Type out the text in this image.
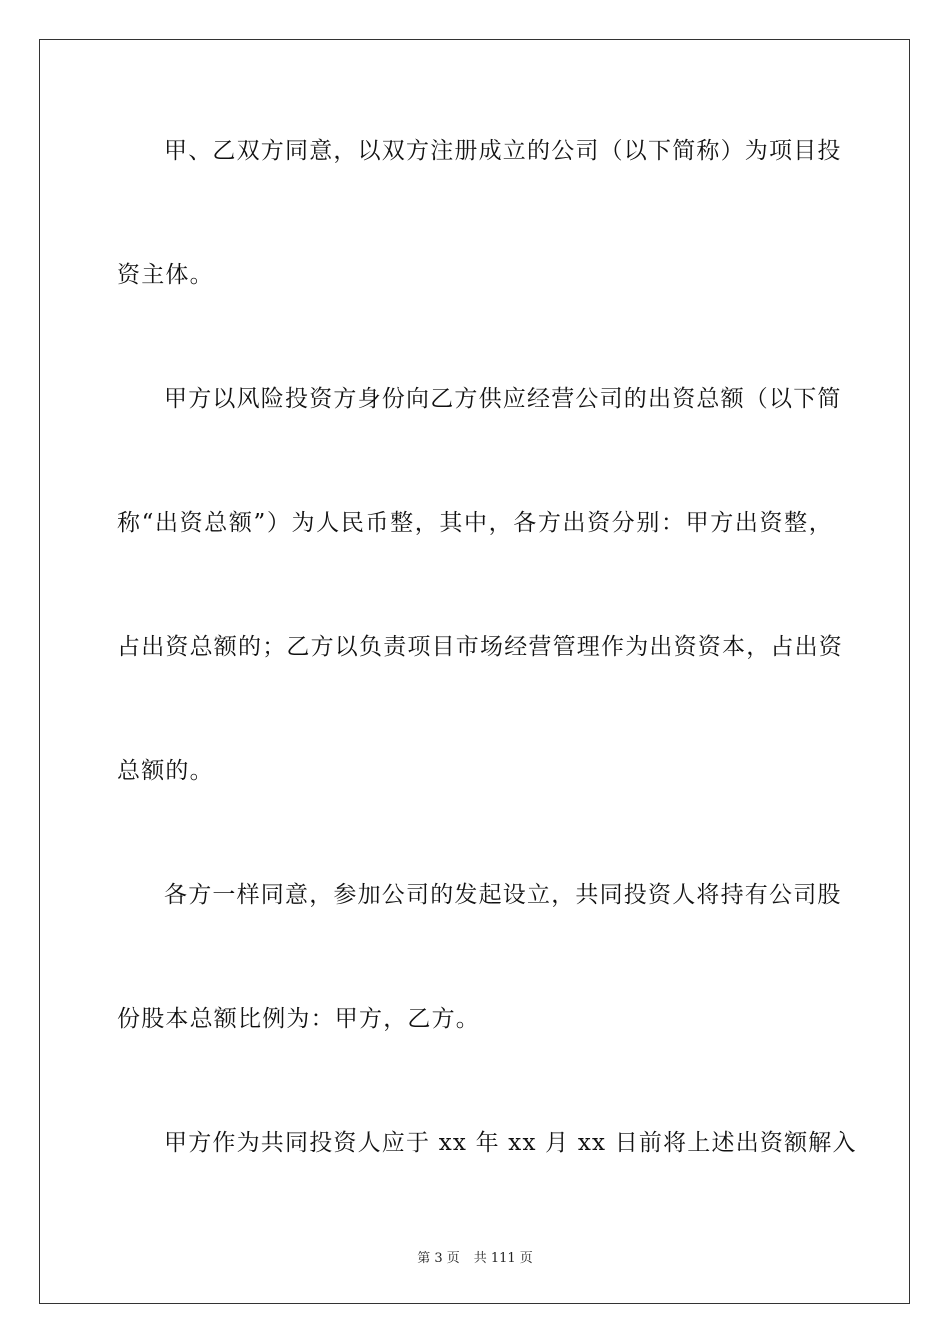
甲、乙双方同意，以双方注册成立的公司（以下简称）为项目投
资主体。
甲方以风险投资方身份向乙方供应经营公司的出资总额（以下简
称“出资总额”）为人民币整，其中，各方出资分别：甲方出资整，
占出资总额的；乙方以负责项目市场经营管理作为出资资本，占出资
总额的。
各方一样同意，参加公司的发起设立，共同投资人将持有公司股
份股本总额比例为：甲方，乙方。
甲方作为共同投资人应于 xx 年 xx 月 xx 日前将上述出资额解入
第 3 页 共 111 页
